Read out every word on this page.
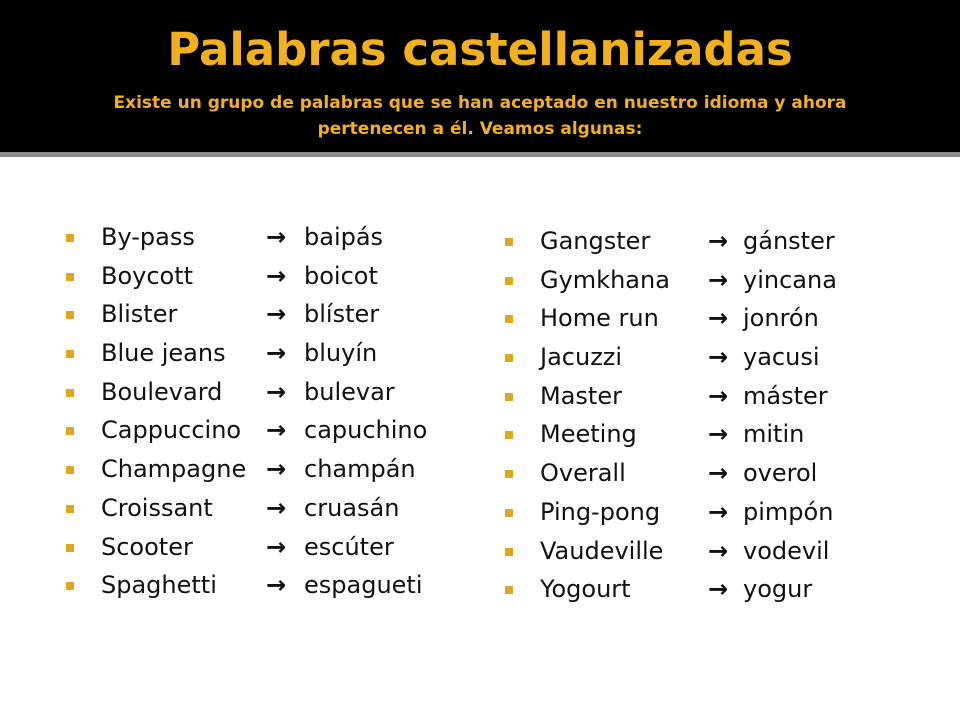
Palabras castellanizadas
Existe un grupo de palabras que se han aceptado en nuestro idioma y ahora pertenecen a él. Veamos algunas:
By-pass	→ baipás
Boycott	→ boicot
Blister	→ blíster
Blue jeans → bluyín
Boulevard → bulevar
Cappuccino → capuchino
Champagne → champán
Croissant → cruasán
Scooter	→ escúter
Spaghetti → espagueti
Gangster → gánster
Gymkhana → yincana
Home run → jonrón
Jacuzzi	→ yacusi
Master	→ máster
Meeting	→ mitin
Overall	→ overol
Ping-pong → pimpón
Vaudeville → vodevil
Yogourt	→ yogur
